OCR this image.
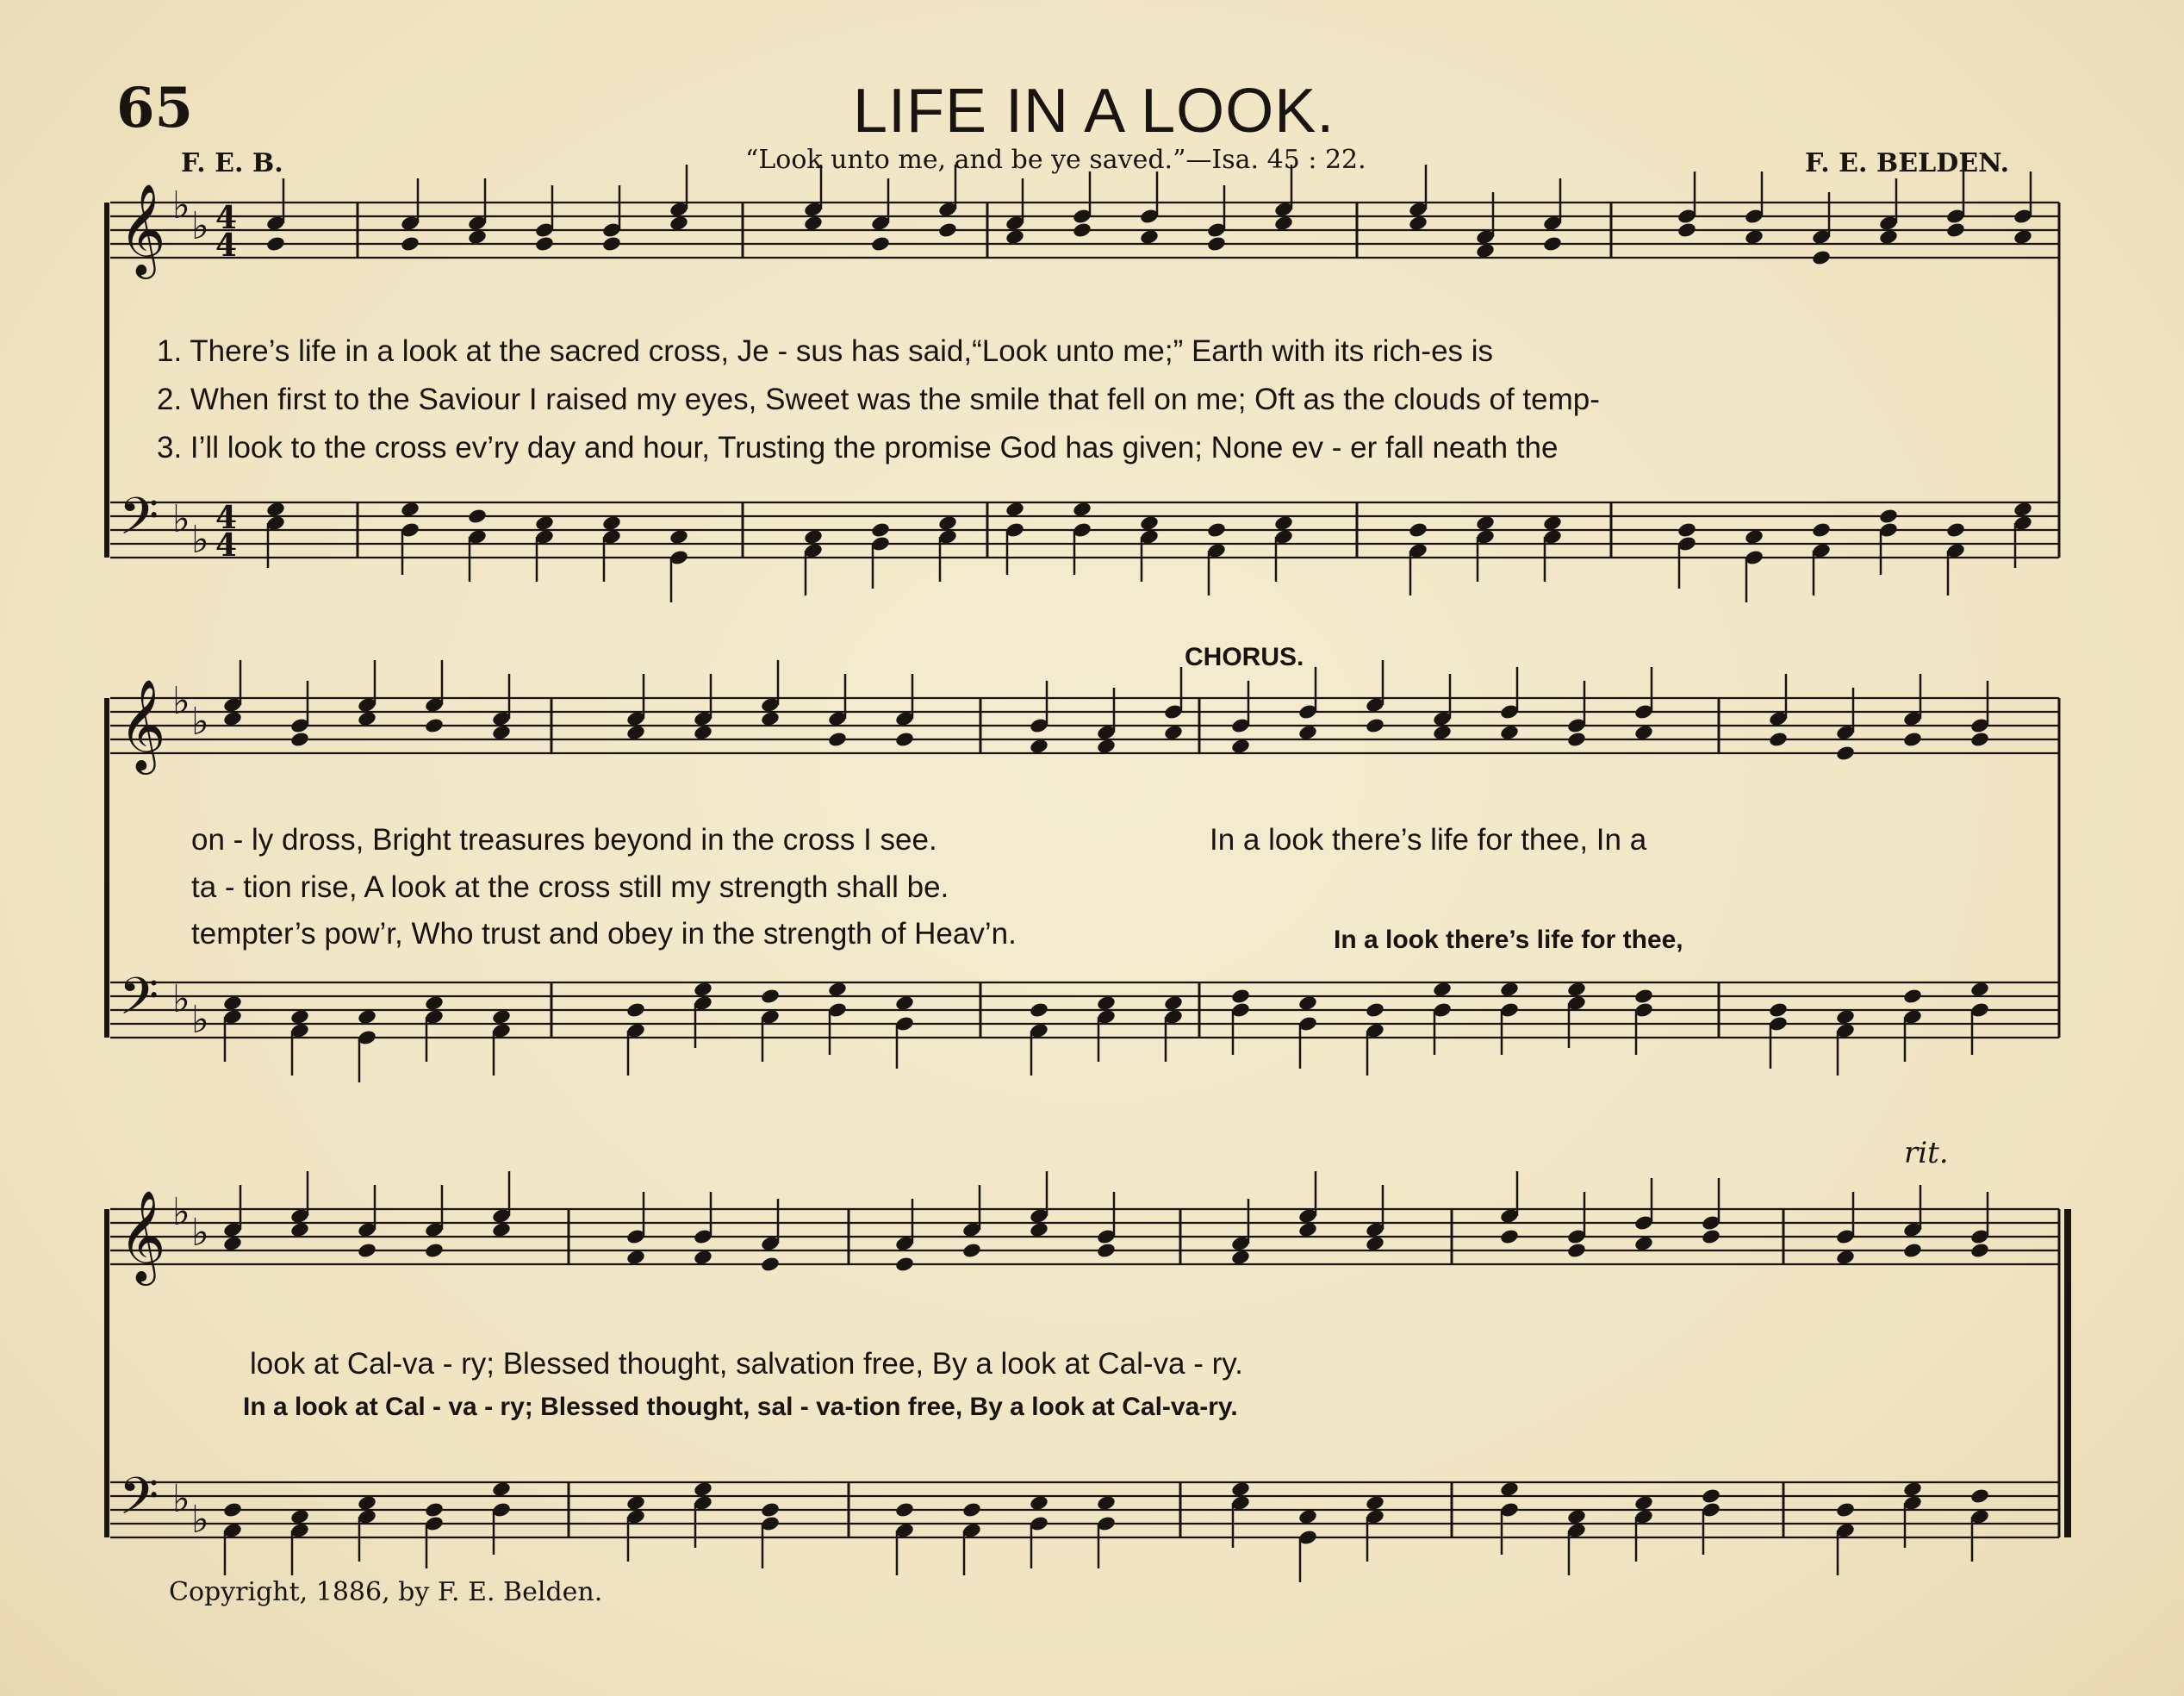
𝄞
𝄢
♭ ♭
♭ ♭
4
4
4
4
𝄞
𝄢
♭ ♭
♭ ♭
𝄞
𝄢
♭ ♭
♭ ♭
65	LIFE IN A LOOK.
F. E. B.	“Look unto me, and be ye saved.”—Isa. 45 : 22.	F. E. BELDEN.
1. There’s life in a look at the sacred cross, Je - sus has said,“Look unto me;” Earth with its rich-es is
2. When first to the Saviour I raised my eyes, Sweet was the smile that fell on me; Oft as the clouds of temp-
3. I’ll look to the cross ev’ry day and hour, Trusting the promise God has given; None ev - er fall neath the
CHORUS.
on - ly dross, Bright treasures beyond in the cross I see.
ta - tion rise, A look at the cross still my strength shall be.
tempter’s pow’r, Who trust and obey in the strength of Heav’n.
In a look there’s life for thee, In a
In a look there’s life for thee,
rit.
look at Cal-va - ry; Blessed thought, salvation free, By a look at Cal-va - ry.
In a look at Cal - va - ry; Blessed thought, sal - va-tion free, By a look at Cal-va-ry.
Copyright, 1886, by F. E. Belden.
